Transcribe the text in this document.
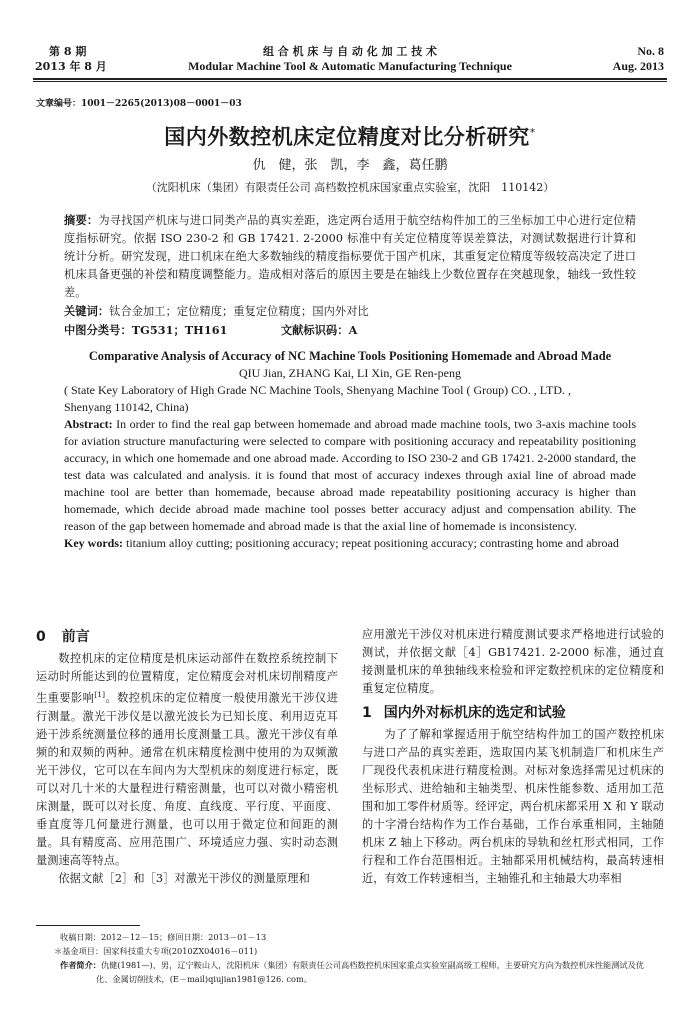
第 8 期
2013 年 8 月
组 合 机 床 与 自 动 化 加 工 技 术
Modular Machine Tool & Automatic Manufacturing Technique
No. 8
Aug. 2013
文章编号：1001－2265(2013)08－0001－03
国内外数控机床定位精度对比分析研究*
仇　健，张　凯，李　鑫，葛任鹏
（沈阳机床（集团）有限责任公司 高档数控机床国家重点实验室，沈阳　110142）
摘要：为寻找国产机床与进口同类产品的真实差距，选定两台适用于航空结构件加工的三坐标加工中心进行定位精度指标研究。依据 ISO 230-2 和 GB 17421. 2-2000 标准中有关定位精度等误差算法，对测试数据进行计算和统计分析。研究发现，进口机床在绝大多数轴线的精度指标要优于国产机床，其重复定位精度等级较高决定了进口机床具备更强的补偿和精度调整能力。造成相对落后的原因主要是在轴线上少数位置存在突越现象，轴线一致性较差。
关键词：钛合金加工；定位精度；重复定位精度；国内外对比
中图分类号：TG531；TH161	文献标识码：A
Comparative Analysis of Accuracy of NC Machine Tools Positioning Homemade and Abroad Made
QIU Jian, ZHANG Kai, LI Xin, GE Ren-peng
( State Key Laboratory of High Grade NC Machine Tools, Shenyang Machine Tool ( Group) CO. , LTD. ,
Shenyang 110142, China)
Abstract: In order to find the real gap between homemade and abroad made machine tools, two 3-axis machine tools for aviation structure manufacturing were selected to compare with positioning accuracy and repeatability positioning accuracy, in which one homemade and one abroad made. According to ISO 230-2 and GB 17421. 2-2000 standard, the test data was calculated and analysis. it is found that most of accuracy indexes through axial line of abroad made machine tool are better than homemade, because abroad made repeatability positioning accuracy is higher than homemade, which decide abroad made machine tool posses better accuracy adjust and compensation ability. The reason of the gap between homemade and abroad made is that the axial line of homemade is inconsistency.
Key words: titanium alloy cutting; positioning accuracy; repeat positioning accuracy; contrasting home and abroad
0 前言
数控机床的定位精度是机床运动部件在数控系统控制下运动时所能达到的位置精度，定位精度会对机床切削精度产生重要影响[1]。数控机床的定位精度一般使用激光干涉仪进行测量。激光干涉仪是以激光波长为已知长度、利用迈克耳逊干涉系统测量位移的通用长度测量工具。激光干涉仪有单频的和双频的两种。通常在机床精度检测中使用的为双频激光干涉仪，它可以在车间内为大型机床的刻度进行标定，既可以对几十米的大量程进行精密测量，也可以对微小精密机床测量，既可以对长度、角度、直线度、平行度、平面度、垂直度等几何量进行测量，也可以用于微定位和间距的测量。具有精度高、应用范围广、环境适应力强、实时动态测量测速高等特点。
依据文献［2］和［3］对激光干涉仪的测量原理和
应用激光干涉仪对机床进行精度测试要求严格地进行试验的测试，并依据文献［4］GB17421. 2-2000 标准，通过直接测量机床的单独轴线来检验和评定数控机床的定位精度和重复定位精度。
1 国内外对标机床的选定和试验
为了了解和掌握适用于航空结构件加工的国产数控机床与进口产品的真实差距，选取国内某飞机制造厂和机床生产厂现役代表机床进行精度检测。对标对象选择需见过机床的坐标形式、进给轴和主轴类型、机床性能参数、适用加工范围和加工零件材质等。经评定，两台机床都采用 X 和 Y 联动的十字滑台结构作为工作台基础，工作台承重相同，主轴随机床 Z 轴上下移动。两台机床的导轨和丝杠形式相同，工作行程和工作台范围相近。主轴都采用机械结构，最高转速相近，有效工作转速相当，主轴锥孔和主轴最大功率相
收稿日期：2012－12－15；修回日期：2013－01－13
＊基金项目：国家科技重大专项(2010ZX04016－011)
作者简介：仇健(1981—)，男，辽宁鞍山人，沈阳机床（集团）有限责任公司高档数控机床国家重点实验室副高级工程师，主要研究方向为数控机床性能测试及优化、金属切削技术，(E－mail)qiujian1981@126. com。
